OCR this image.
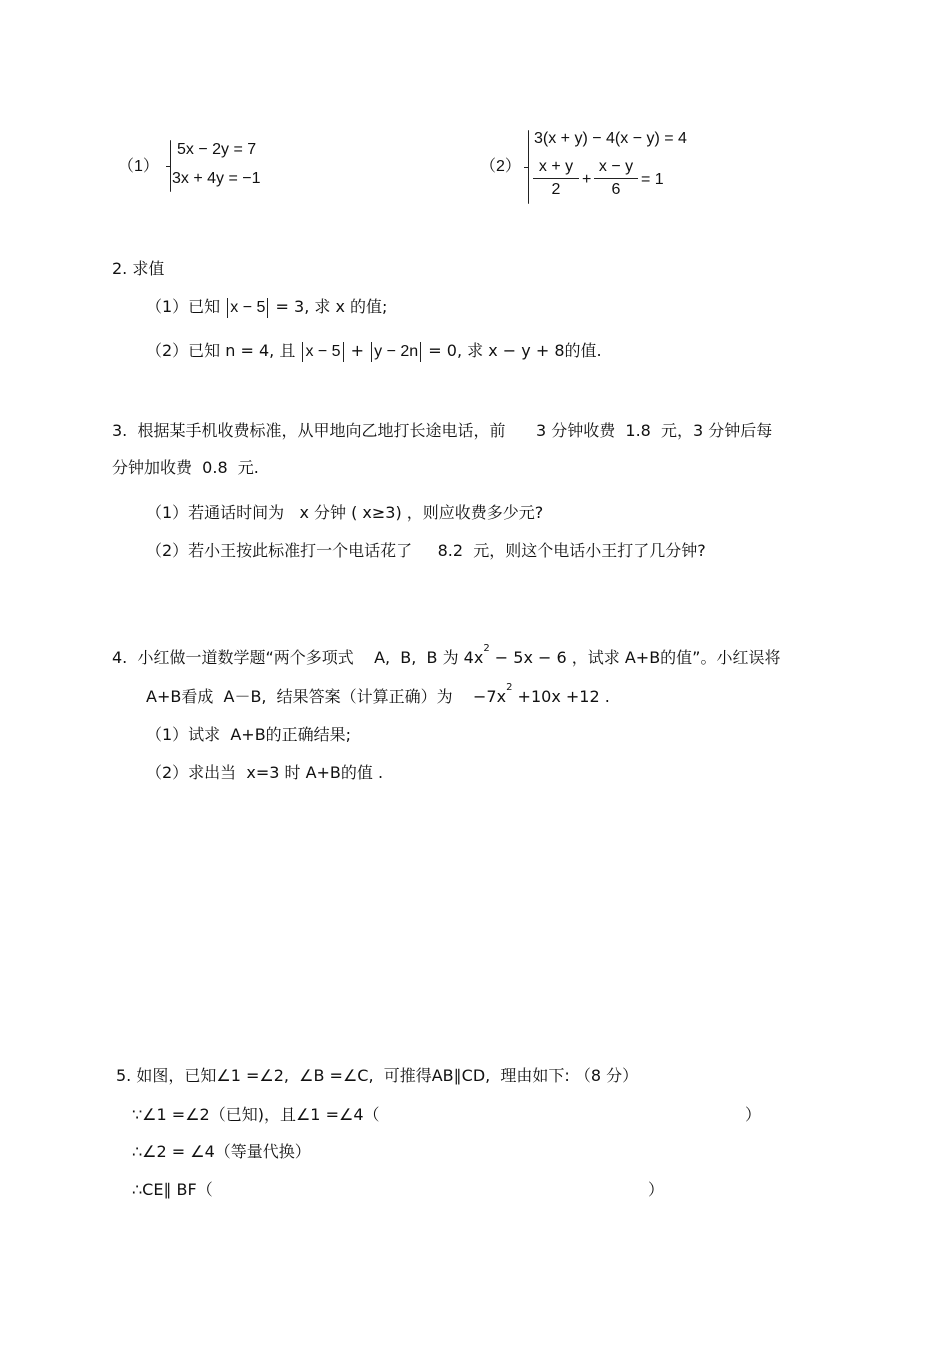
（1）
5x − 2y = 7
3x + 4y = −1
（2）
3(x + y) − 4(x − y) = 4
x + y
2
+
x − y
6
= 1
2. 求值
（1）已知 x − 5 = 3, 求 x 的值;
（2）已知 n = 4, 且 x − 5 + y − 2n = 0, 求 x − y + 8的值.
3.  根据某手机收费标准，从甲地向乙地打长途电话，前      3 分钟收费  1.8  元，3 分钟后每
分钟加收费  0.8  元.
（1）若通话时间为   x 分钟 ( x≥3) ，则应收费多少元?
（2）若小王按此标准打一个电话花了     8.2  元，则这个电话小王打了几分钟?
4.  小红做一道数学题“两个多项式    A,  B,  B 为 $4x^2 - 5x - 6$ ，试求 A+B的值”。小红误将
A+B看成  A－B,  结果答案（计算正确）为    $-7x^2 +10x +12$ .
（1）试求  A+B的正确结果;
（2）求出当  x=3 时 A+B的值 .
5. 如图，已知∠1 =∠2,  ∠B =∠C,  可推得AB∥CD,  理由如下: （8 分）
∵∠1 =∠2（已知)，且∠1 =∠4（	）
∴∠2 = ∠4（等量代换）
∴CE∥ BF（	）
